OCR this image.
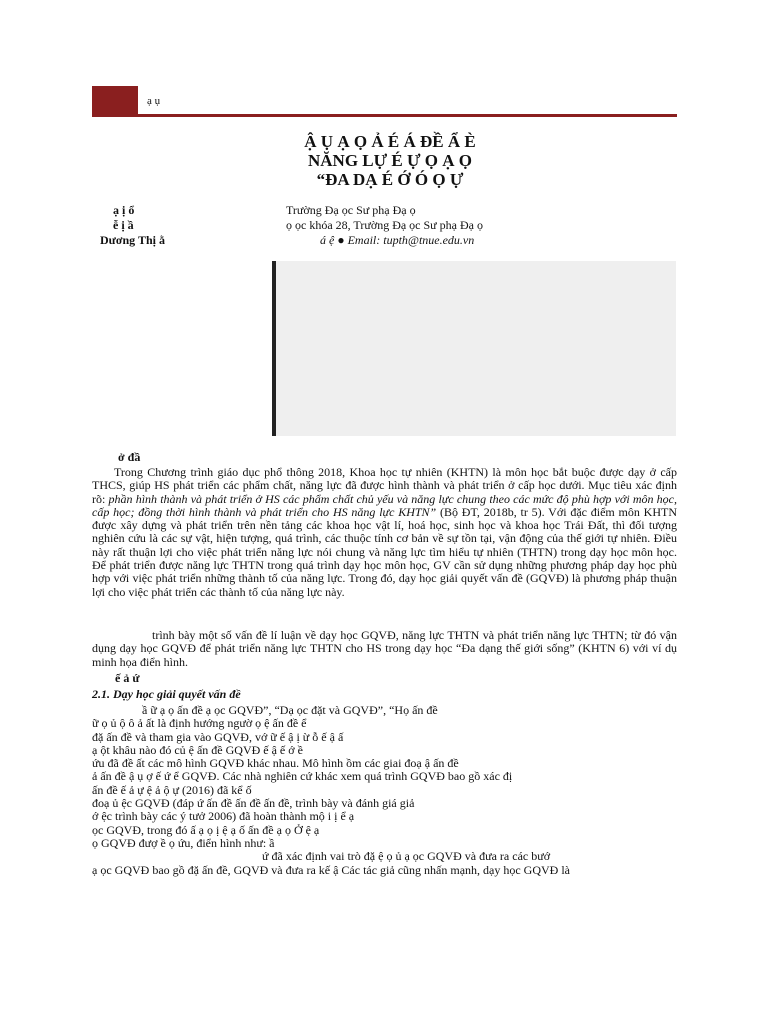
ạ ụ
Ậ Ụ Ạ Ọ Ả É Á ĐỀ Ẩ È
NĂNG LỰ É Ự Ọ Ạ Ọ
“ĐA DẠ É Ớ Ó Ọ Ự
ạ ị ổ	Trường Đạ ọc Sư phạ Đạ ọ
ễ ị ầ	ọ ọc khóa 28, Trường Đạ ọc Sư phạ Đạ ọ
Dương Thị ằ	á ệ ● Email: tupth@tnue.edu.vn
ở đầ
Trong Chương trình giáo dục phổ thông 2018, Khoa học tự nhiên (KHTN) là môn học bắt buộc được dạy ở cấp THCS, giúp HS phát triển các phẩm chất, năng lực đã được hình thành và phát triển ở cấp học dưới. Mục tiêu xác định rõ: phần hình thành và phát triển ở HS các phẩm chất chủ yếu và năng lực chung theo các mức độ phù hợp với môn học, cấp học; đồng thời hình thành và phát triển cho HS năng lực KHTN” (Bộ ĐT, 2018b, tr 5). Với đặc điểm môn KHTN được xây dựng và phát triển trên nền tảng các khoa học vật lí, hoá học, sinh học và khoa học Trái Đất, thì đối tượng nghiên cứu là các sự vật, hiện tượng, quá trình, các thuộc tính cơ bản về sự tồn tại, vận động của thế giới tự nhiên. Điều này rất thuận lợi cho việc phát triển năng lực nói chung và năng lực tìm hiểu tự nhiên (THTN) trong dạy học môn học. Để phát triển được năng lực THTN trong quá trình dạy học môn học, GV cần sử dụng những phương pháp dạy học phù hợp với việc phát triển những thành tố của năng lực. Trong đó, dạy học giải quyết vấn đề (GQVĐ) là phương pháp thuận lợi cho việc phát triển các thành tố của năng lực này.
trình bày một số vấn đề lí luận về dạy học GQVĐ, năng lực THTN và phát triển năng lực THTN; từ đó vận dụng dạy học GQVĐ để phát triển năng lực THTN cho HS trong dạy học “Đa dạng thế giới sống” (KHTN 6) với ví dụ minh họa điển hình.
ế ả ứ
2.1. Dạy học giải quyết vấn đề
ầ ữ ạ ọ ấn đề ạ ọc GQVĐ”, “Dạ ọc đặt và GQVĐ”, “Họ ấn đề
ữ ọ ủ ộ ô ả ất là định hướng ngườ ọ ệ ấn đề ể
đặ ấn đề và tham gia vào GQVĐ, vớ ữ ế ậ ị ừ ỗ ế ậ ấ
ạ ột khâu nào đó củ ệ ấn đề GQVĐ ế ậ ế ớ ề
ứu đã đề ất các mô hình GQVĐ khác nhau. Mô hình ồm các giai đoạ ậ ấn đề
ả ấn đề ậ ụ ợ ế ứ ể GQVĐ. Các nhà nghiên cứ khác xem quá trình GQVĐ bao gồ xác đị
ấn đề ế ả ự ệ ả ộ ự (2016) đã kể ố
đoạ ủ ệc GQVĐ (đáp ứ ấn đề ấn đề ấn đề, trình bày và đánh giá giả
ớ ệc trình bày các ý tưở 2006) đã hoàn thành mộ i ị ể ạ
ọc GQVĐ, trong đó ấ ạ ọ ị ệ ạ ố ấn đề ạ ọ Ở ệ ạ
ọ GQVĐ đượ ề ọ ứu, điển hình như: ầ
ứ đã xác định vai trò đặ ệ ọ ủ ạ ọc GQVĐ và đưa ra các bướ
ạ ọc GQVĐ bao gồ đặ ấn đề, GQVĐ và đưa ra kế ậ Các tác giả cũng nhấn mạnh, dạy học GQVĐ là
